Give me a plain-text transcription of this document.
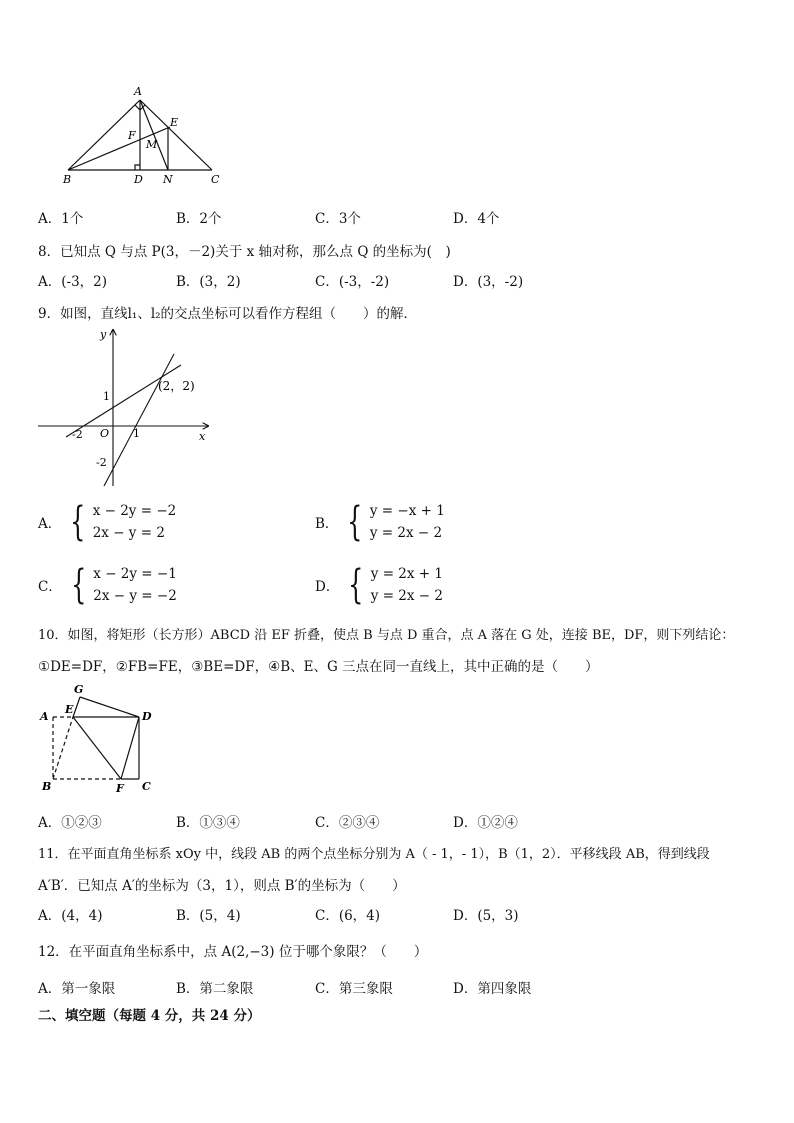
A
E
F
M
B	D N	C
A．1个	B．2个	C．3个	D．4个
8．已知点 Q 与点 P(3，－2)关于 x 轴对称，那么点 Q 的坐标为(　)
A．(-3，2)	B．(3，2)	C．(-3，-2)	D．(3，-2)
9．如图，直线l₁、l₂的交点坐标可以看作方程组（　　）的解．
y
x
O
1
1
-2
-2
(2，2)
A． { x − 2y = −2
2x − y = 2
B． { y = −x + 1
y = 2x − 2
C． { x − 2y = −1
2x − y = −2
D． { y = 2x + 1
y = 2x − 2
10．如图，将矩形（长方形）ABCD 沿 EF 折叠，使点 B 与点 D 重合，点 A 落在 G 处，连接 BE，DF，则下列结论：
①DE=DF，②FB=FE，③BE=DF，④B、E、G 三点在同一直线上，其中正确的是（　　）
G
A
E
D
B	F C
A．①②③	B．①③④	C．②③④	D．①②④
11．在平面直角坐标系 xOy 中，线段 AB 的两个点坐标分别为 A（ - 1，- 1），B（1，2）．平移线段 AB，得到线段
A′B′．已知点 A′的坐标为（3，1），则点 B′的坐标为（　　）
A．(4，4)	B．(5，4)	C．(6，4)	D．(5，3)
12．在平面直角坐标系中，点 A(2,−3) 位于哪个象限？（　　）
A．第一象限	B．第二象限	C．第三象限	D．第四象限
二、填空题（每题 4 分，共 24 分）
